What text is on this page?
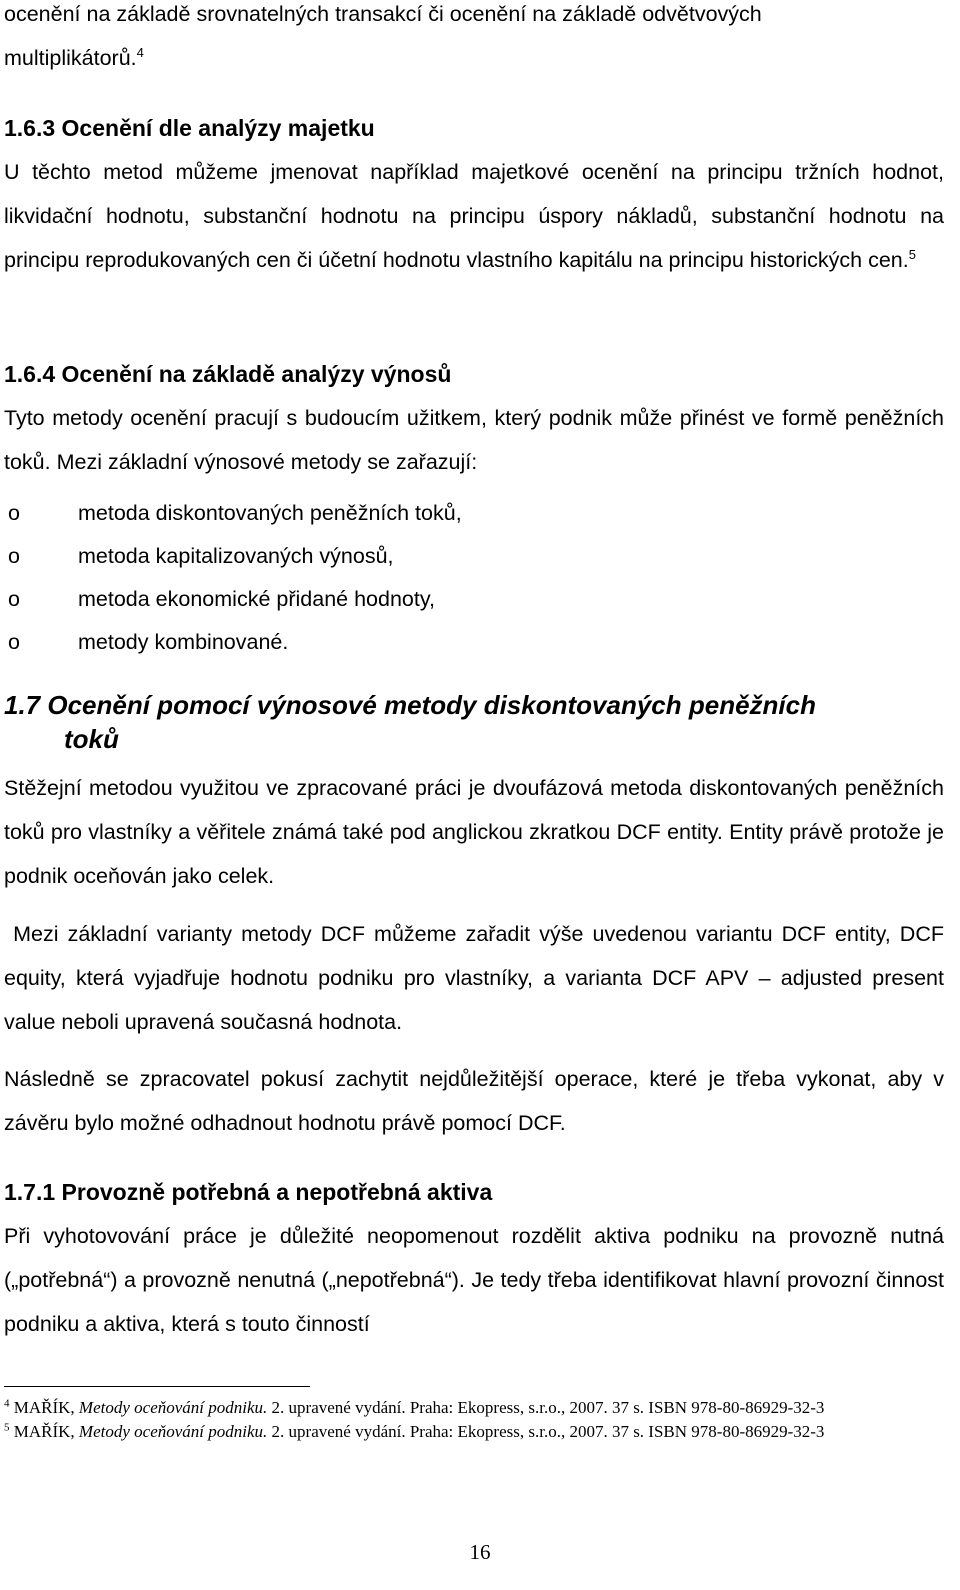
ocenění na základě srovnatelných transakcí či ocenění na základě odvětvových
multiplikátorů.$^4$

1.6.3 Ocenění dle analýzy majetku

U těchto metod můžeme jmenovat například majetkové ocenění na principu tržních hodnot, likvidační hodnotu, substanční hodnotu na principu úspory nákladů, substanční hodnotu na principu reprodukovaných cen či účetní hodnotu vlastního kapitálu na principu historických cen.$^5$

1.6.4 Ocenění na základě analýzy výnosů

Tyto metody ocenění pracují s budoucím užitkem, který podnik může přinést ve formě peněžních toků. Mezi základní výnosové metody se zařazují:

o	metoda diskontovaných peněžních toků,
o	metoda kapitalizovaných výnosů,
o	metoda ekonomické přidané hodnoty,
o	metody kombinované.
1.7 Ocenění pomocí výnosové metody diskontovaných peněžních
toků

Stěžejní metodou využitou ve zpracované práci je dvoufázová metoda diskontovaných peněžních toků pro vlastníky a věřitele známá také pod anglickou zkratkou DCF entity. Entity právě protože je podnik oceňován jako celek.

Mezi základní varianty metody DCF můžeme zařadit výše uvedenou variantu DCF entity, DCF equity, která vyjadřuje hodnotu podniku pro vlastníky, a varianta DCF APV – adjusted present value neboli upravená současná hodnota.

Následně se zpracovatel pokusí zachytit nejdůležitější operace, které je třeba vykonat, aby v závěru bylo možné odhadnout hodnotu právě pomocí DCF.

1.7.1 Provozně potřebná a nepotřebná aktiva

Při vyhotovování práce je důležité neopomenout rozdělit aktiva podniku na provozně nutná („potřebná“) a provozně nenutná („nepotřebná“). Je tedy třeba identifikovat hlavní provozní činnost podniku a aktiva, která s touto činností

$^4$ MAŘÍK, Metody oceňování podniku. 2. upravené vydání. Praha: Ekopress, s.r.o., 2007. 37 s. ISBN 978-80-86929-32-3

$^5$ MAŘÍK, Metody oceňování podniku. 2. upravené vydání. Praha: Ekopress, s.r.o., 2007. 37 s. ISBN 978-80-86929-32-3

16
